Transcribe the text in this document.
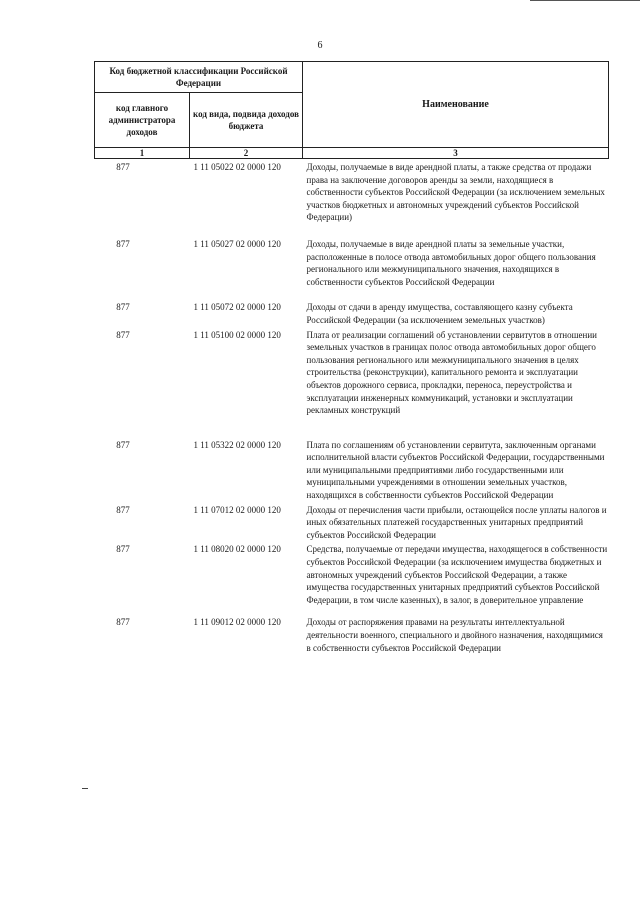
6
Код бюджетной классификации Российской Федерации		Наименование
код главного администратора доходов	код вида, подвида доходов бюджета	
1	2	3
877	1 11 05022 02 0000 120	Доходы, получаемые в виде арендной платы, а также средства от продажи права на заключение договоров аренды за земли, находящиеся в собственности субъектов Российской Федерации (за исключением земельных участков бюджетных и автономных учреждений субъектов Российской Федерации)
877	1 11 05027 02 0000 120	Доходы, получаемые в виде арендной платы за земельные участки, расположенные в полосе отвода автомобильных дорог общего пользования регионального или межмуниципального значения, находящихся в собственности субъектов Российской Федерации
877	1 11 05072 02 0000 120	Доходы от сдачи в аренду имущества, составляющего казну субъекта Российской Федерации (за исключением земельных участков)
877	1 11 05100 02 0000 120	Плата от реализации соглашений об установлении сервитутов в отношении земельных участков в границах полос отвода автомобильных дорог общего пользования регионального или межмуниципального значения в целях строительства (реконструкции), капитального ремонта и эксплуатации объектов дорожного сервиса, прокладки, переноса, переустройства и эксплуатации инженерных коммуникаций, установки и эксплуатации рекламных конструкций
877	1 11 05322 02 0000 120	Плата по соглашениям об установлении сервитута, заключенным органами исполнительной власти субъектов Российской Федерации, государственными или муниципальными предприятиями либо государственными или муниципальными учреждениями в отношении земельных участков, находящихся в собственности субъектов Российской Федерации
877	1 11 07012 02 0000 120	Доходы от перечисления части прибыли, остающейся после уплаты налогов и иных обязательных платежей государственных унитарных предприятий субъектов Российской Федерации
877	1 11 08020 02 0000 120	Средства, получаемые от передачи имущества, находящегося в собственности субъектов Российской Федерации (за исключением имущества бюджетных и автономных учреждений субъектов Российской Федерации, а также имущества государственных унитарных предприятий субъектов Российской Федерации, в том числе казенных), в залог, в доверительное управление
877	1 11 09012 02 0000 120	Доходы от распоряжения правами на результаты интеллектуальной деятельности военного, специального и двойного назначения, находящимися в собственности субъектов Российской Федерации
